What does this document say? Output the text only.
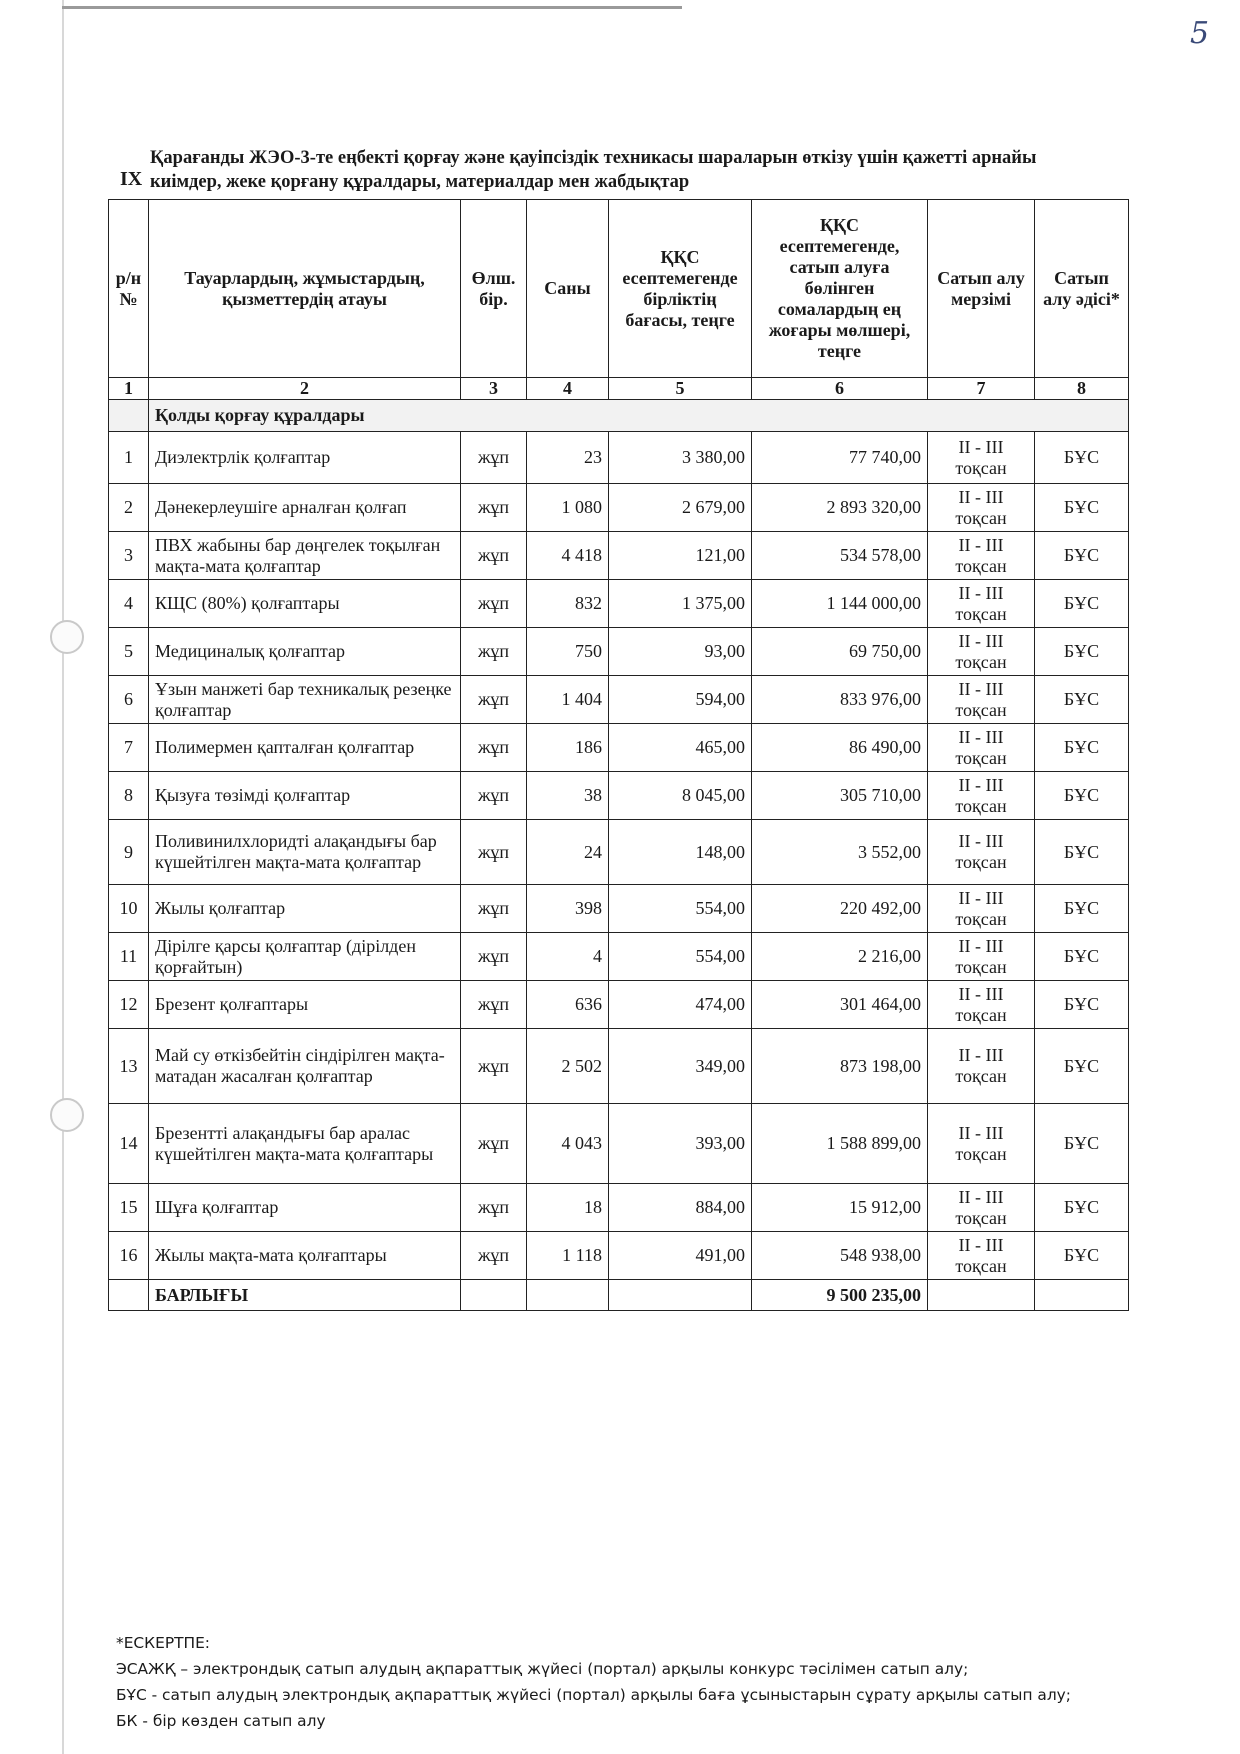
5
IX
Қарағанды ЖЭО-3-те еңбекті қорғау және қауіпсіздік техникасы шараларын өткізу үшін қажетті арнайы киімдер, жеке қорғану құралдары, материалдар мен жабдықтар
р/н №	Тауарлардың, жұмыстардың, қызметтердің атауы	Өлш. бір.	Саны	ҚҚС есептемегенде бірліктің бағасы, теңге	ҚҚС есептемегенде, сатып алуға бөлінген сомалардың ең жоғары мөлшері, теңге	Сатып алу мерзімі	Сатып алу әдісі*
1	2	3	4	5	6	7	8
	Қолды қорғау құралдары						
1	Диэлектрлік қолғаптар	жұп	23	3 380,00	77 740,00	II - III тоқсан	БҰС
2	Дәнекерлеушіге арналған қолғап	жұп	1 080	2 679,00	2 893 320,00	II - III тоқсан	БҰС
3	ПВХ жабыны бар дөңгелек тоқылған мақта-мата қолғаптар	жұп	4 418	121,00	534 578,00	II - III тоқсан	БҰС
4	КЩС (80%) қолғаптары	жұп	832	1 375,00	1 144 000,00	II - III тоқсан	БҰС
5	Медициналық қолғаптар	жұп	750	93,00	69 750,00	II - III тоқсан	БҰС
6	Ұзын манжеті бар техникалық резеңке қолғаптар	жұп	1 404	594,00	833 976,00	II - III тоқсан	БҰС
7	Полимермен қапталған қолғаптар	жұп	186	465,00	86 490,00	II - III тоқсан	БҰС
8	Қызуға төзімді қолғаптар	жұп	38	8 045,00	305 710,00	II - III тоқсан	БҰС
9	Поливинилхлоридті алақандығы бар күшейтілген мақта-мата қолғаптар	жұп	24	148,00	3 552,00	II - III тоқсан	БҰС
10	Жылы қолғаптар	жұп	398	554,00	220 492,00	II - III тоқсан	БҰС
11	Дірілге қарсы қолғаптар (дірілден қорғайтын)	жұп	4	554,00	2 216,00	II - III тоқсан	БҰС
12	Брезент қолғаптары	жұп	636	474,00	301 464,00	II - III тоқсан	БҰС
13	Май су өткізбейтін сіндірілген мақта-матадан жасалған қолғаптар	жұп	2 502	349,00	873 198,00	II - III тоқсан	БҰС
14	Брезентті алақандығы бар аралас күшейтілген мақта-мата қолғаптары	жұп	4 043	393,00	1 588 899,00	II - III тоқсан	БҰС
15	Шұға қолғаптар	жұп	18	884,00	15 912,00	II - III тоқсан	БҰС
16	Жылы мақта-мата қолғаптары	жұп	1 118	491,00	548 938,00	II - III тоқсан	БҰС
	БАРЛЫҒЫ				9 500 235,00		
*ЕСКЕРТПЕ:
ЭСАЖҚ – электрондық сатып алудың ақпараттық жүйесі (портал) арқылы конкурс тәсілімен сатып алу;
БҰС - сатып алудың электрондық ақпараттық жүйесі (портал) арқылы баға ұсыныстарын сұрату арқылы сатып алу;
БК - бір көзден сатып алу
